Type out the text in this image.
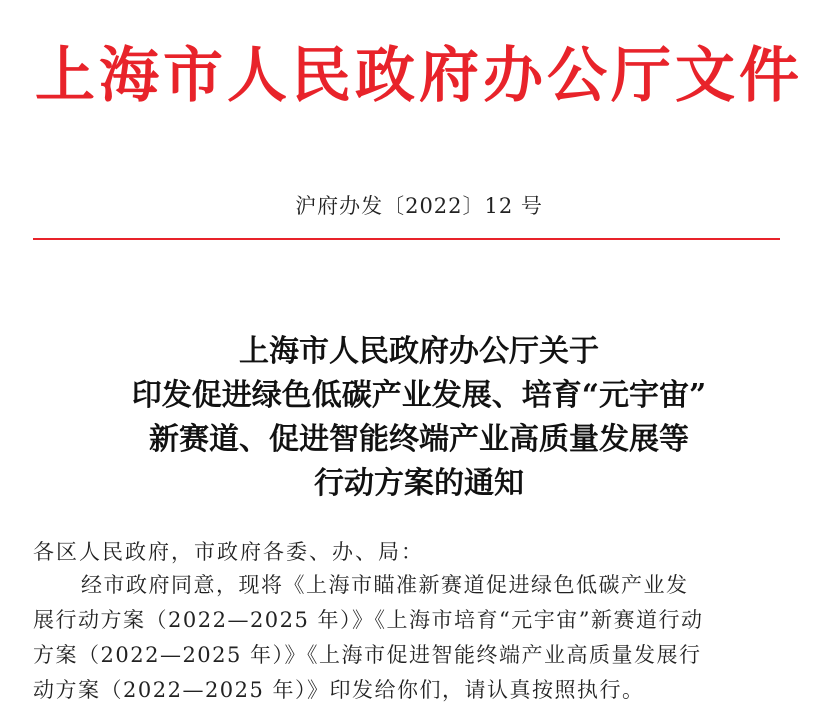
上海市人民政府办公厅文件
沪府办发〔2022〕12 号
上海市人民政府办公厅关于
印发促进绿色低碳产业发展、培育“元宇宙”
新赛道、促进智能终端产业高质量发展等
行动方案的通知
各区人民政府，市政府各委、办、局：
经市政府同意，现将《上海市瞄准新赛道促进绿色低碳产业发
展行动方案（2022—2025 年）》《上海市培育“元宇宙”新赛道行动
方案（2022—2025 年）》《上海市促进智能终端产业高质量发展行
动方案（2022—2025 年）》印发给你们，请认真按照执行。
